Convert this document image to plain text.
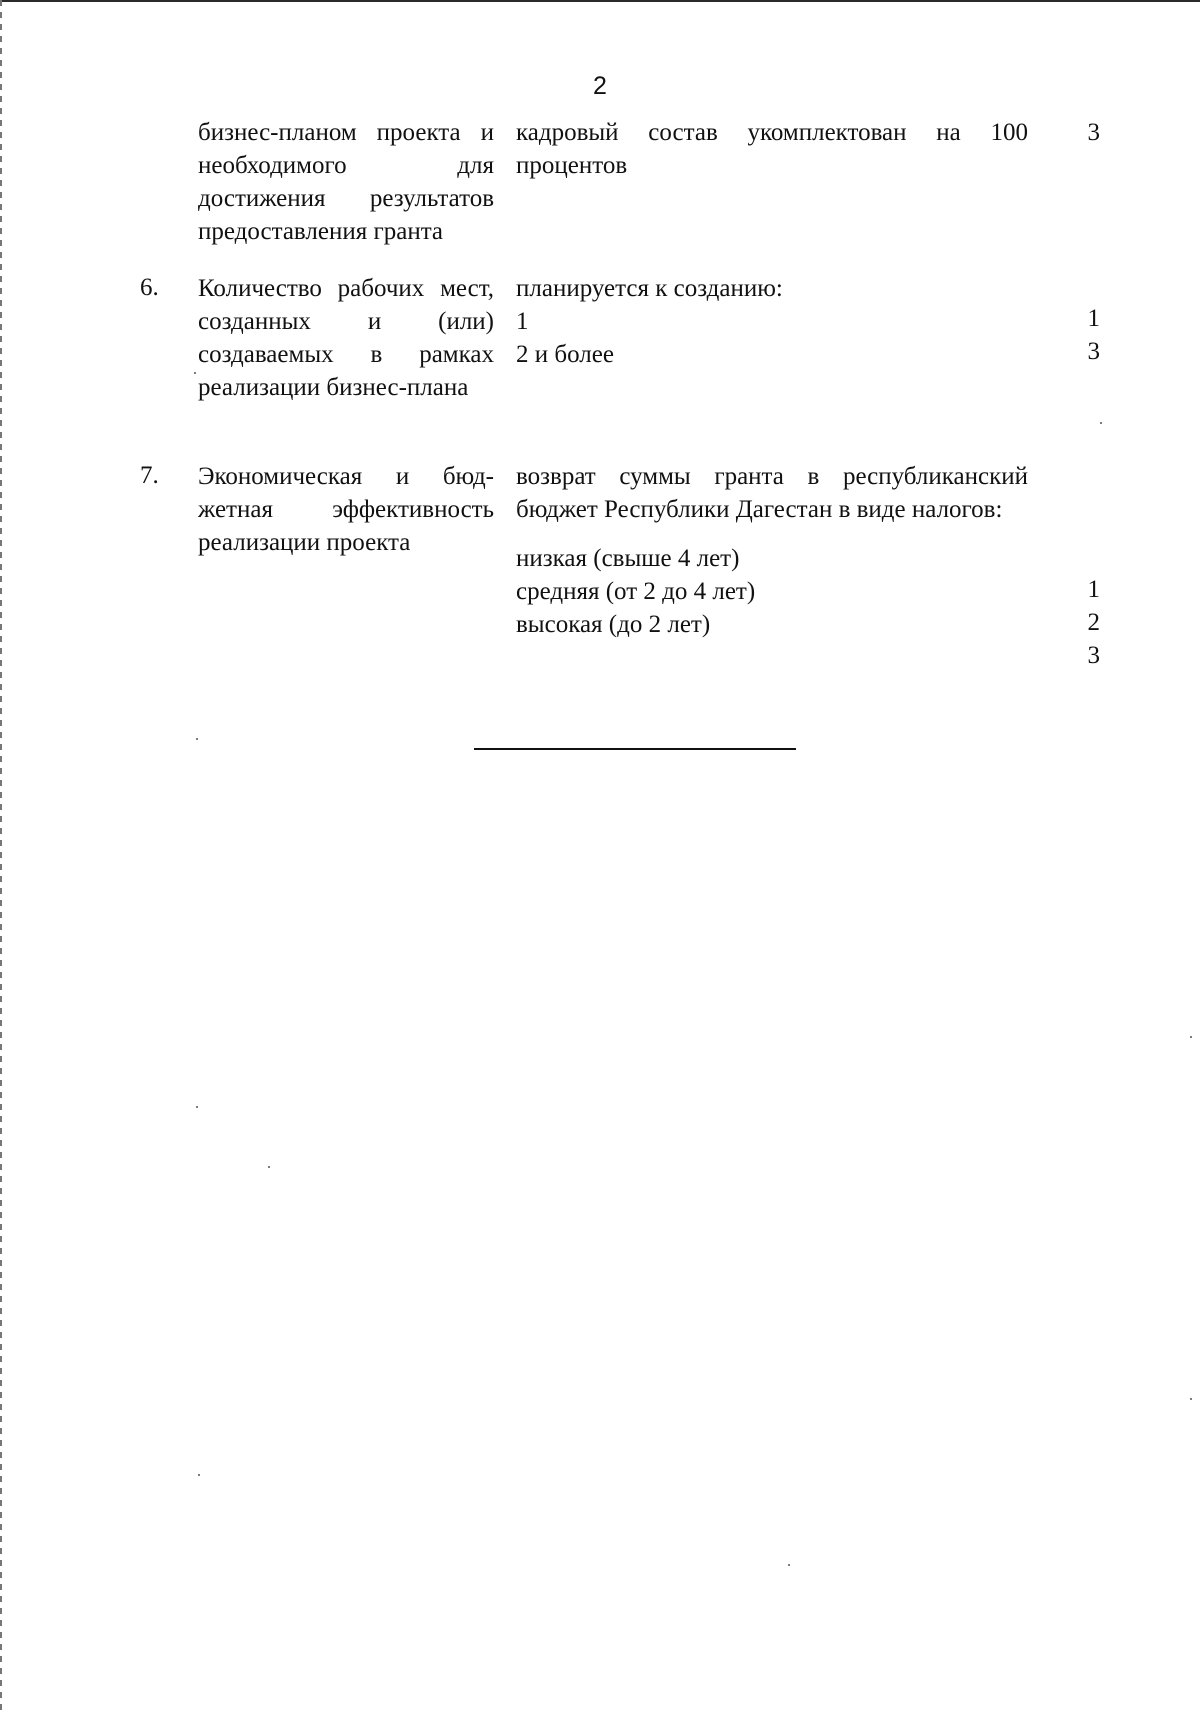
2

бизнес-планом проекта и необходимого для достижения результатов предоставления гранта

кадровый состав укомплектован на 100 процентов
3
6. Количество рабочих мест, созданных и (или) создаваемых в рамках реализации бизнес-плана

планируется к созданию:
1
2 и более
1
3
7. Экономическая и бюд-жетная эффективность реализации проекта

возврат суммы гранта в республиканский бюджет Республики Дагестан в виде налогов:
низкая (свыше 4 лет)
средняя (от 2 до 4 лет)
высокая (до 2 лет)
1
2
3
